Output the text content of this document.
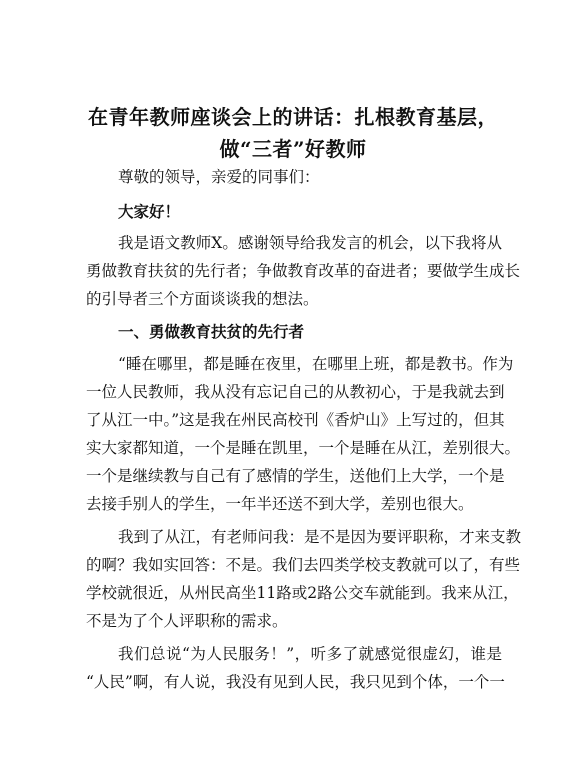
在青年教师座谈会上的讲话：扎根教育基层，
做“三者”好教师
尊敬的领导，亲爱的同事们：
大家好！
我是语文教师X。感谢领导给我发言的机会，以下我将从
勇做教育扶贫的先行者；争做教育改革的奋进者；要做学生成长
的引导者三个方面谈谈我的想法。
一、勇做教育扶贫的先行者
“睡在哪里，都是睡在夜里，在哪里上班，都是教书。作为
一位人民教师，我从没有忘记自己的从教初心，于是我就去到
了从江一中。”这是我在州民高校刊《香炉山》上写过的，但其
实大家都知道，一个是睡在凯里，一个是睡在从江，差别很大。
一个是继续教与自己有了感情的学生，送他们上大学，一个是
去接手别人的学生，一年半还送不到大学，差别也很大。
我到了从江，有老师问我：是不是因为要评职称，才来支教
的啊？我如实回答：不是。我们去四类学校支教就可以了，有些
学校就很近，从州民高坐11路或2路公交车就能到。我来从江，
不是为了个人评职称的需求。
我们总说“为人民服务！”，听多了就感觉很虚幻，谁是
“人民”啊，有人说，我没有见到人民，我只见到个体，一个一
